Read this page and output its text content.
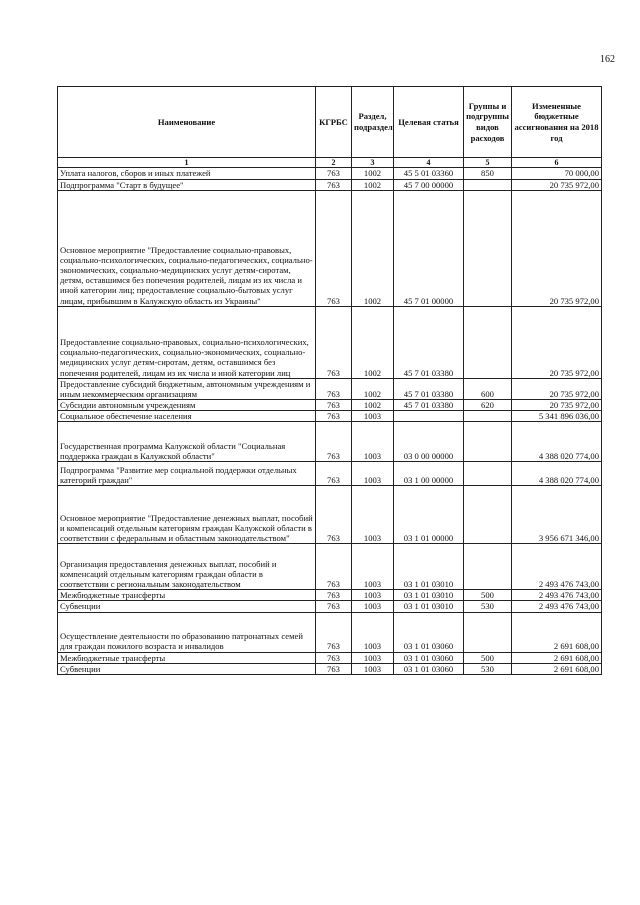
162
Наименование	КГРБС	Раздел, подраздел	Целевая статья	Группы и подгруппы видов расходов	Измененные бюджетные ассигнования на 2018 год
1	2	3	4	5	6
Уплата налогов, сборов и иных платежей	763	1002	45 5 01 03360	850	70 000,00
Подпрограмма "Старт в будущее"	763	1002	45 7 00 00000		20 735 972,00
Основное мероприятие "Предоставление социально-правовых, социально-психологических, социально-педагогических, социально-экономических, социально-медицинских услуг детям-сиротам, детям, оставшимся без попечения родителей, лицам из их числа и иной категории лиц; предоставление социально-бытовых услуг лицам, прибывшим в Калужскую область из Украины"	763	1002	45 7 01 00000		20 735 972,00
Предоставление социально-правовых, социально-психологических, социально-педагогических, социально-экономических, социально-медицинских услуг детям-сиротам, детям, оставшимся без попечения родителей, лицам из их числа и иной категории лиц	763	1002	45 7 01 03380		20 735 972,00
Предоставление субсидий бюджетным, автономным учреждениям и иным некоммерческим организациям	763	1002	45 7 01 03380	600	20 735 972,00
Субсидии автономным учреждениям	763	1002	45 7 01 03380	620	20 735 972,00
Социальное обеспечение населения	763	1003			5 341 896 036,00
Государственная программа Калужской области "Социальная поддержка граждан в Калужской области"	763	1003	03 0 00 00000		4 388 020 774,00
Подпрограмма "Развитие мер социальной поддержки отдельных категорий граждан"	763	1003	03 1 00 00000		4 388 020 774,00
Основное мероприятие "Предоставление денежных выплат, пособий и компенсаций отдельным категориям граждан Калужской области в соответствии с федеральным и областным законодательством"	763	1003	03 1 01 00000		3 956 671 346,00
Организация предоставления денежных выплат, пособий и компенсаций отдельным категориям граждан области в соответствии с региональным законодательством	763	1003	03 1 01 03010		2 493 476 743,00
Межбюджетные трансферты	763	1003	03 1 01 03010	500	2 493 476 743,00
Субвенции	763	1003	03 1 01 03010	530	2 493 476 743,00
Осуществление деятельности по образованию патронатных семей для граждан пожилого возраста и инвалидов	763	1003	03 1 01 03060		2 691 608,00
Межбюджетные трансферты	763	1003	03 1 01 03060	500	2 691 608,00
Субвенции	763	1003	03 1 01 03060	530	2 691 608,00
